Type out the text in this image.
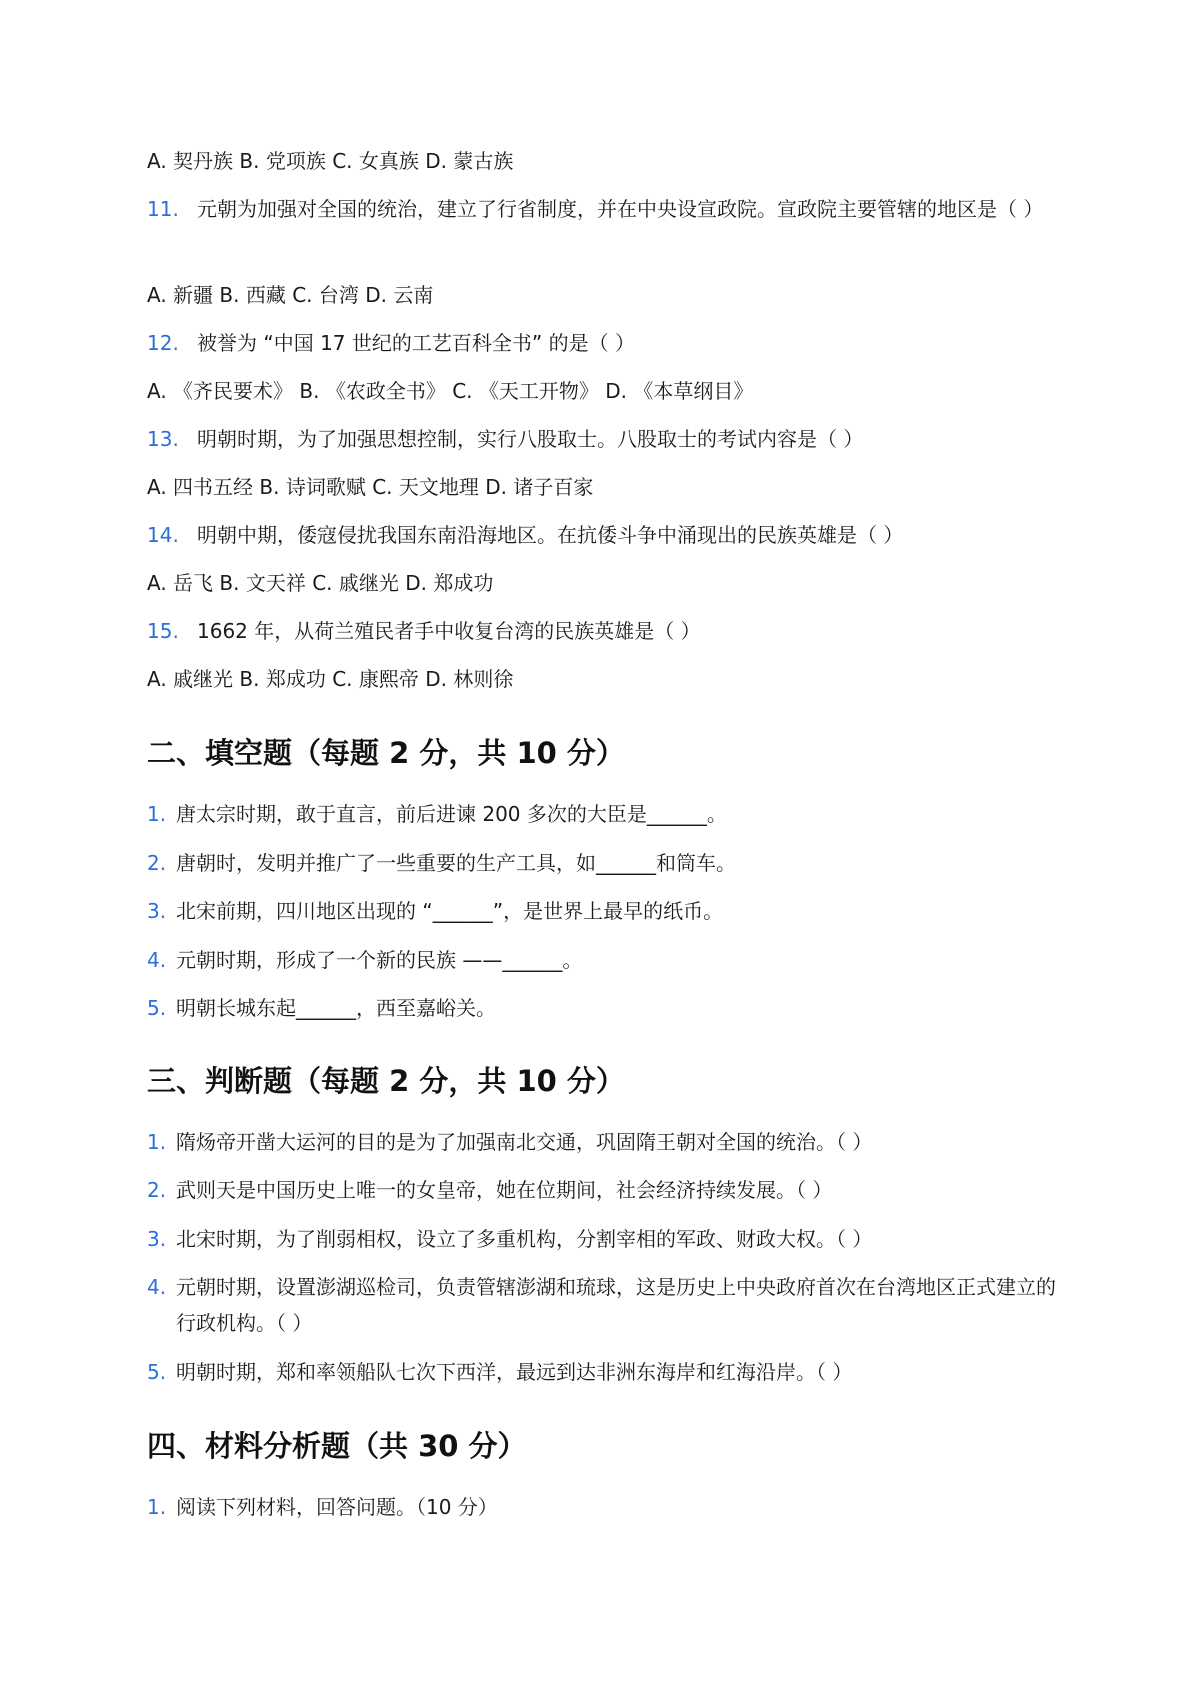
A. 契丹族 B. 党项族 C. 女真族 D. 蒙古族
11. 元朝为加强对全国的统治，建立了行省制度，并在中央设宣政院。宣政院主要管辖的地区是（ ）
A. 新疆 B. 西藏 C. 台湾 D. 云南
12. 被誉为 “中国 17 世纪的工艺百科全书” 的是（ ）
A. 《齐民要术》 B. 《农政全书》 C. 《天工开物》 D. 《本草纲目》
13. 明朝时期，为了加强思想控制，实行八股取士。八股取士的考试内容是（ ）
A. 四书五经 B. 诗词歌赋 C. 天文地理 D. 诸子百家
14. 明朝中期，倭寇侵扰我国东南沿海地区。在抗倭斗争中涌现出的民族英雄是（ ）
A. 岳飞 B. 文天祥 C. 戚继光 D. 郑成功
15. 1662 年，从荷兰殖民者手中收复台湾的民族英雄是（ ）
A. 戚继光 B. 郑成功 C. 康熙帝 D. 林则徐
二、填空题（每题 2 分，共 10 分）
1. 唐太宗时期，敢于直言，前后进谏 200 多次的大臣是______。
2. 唐朝时，发明并推广了一些重要的生产工具，如______和筒车。
3. 北宋前期，四川地区出现的 “______”，是世界上最早的纸币。
4. 元朝时期，形成了一个新的民族 ——______。
5. 明朝长城东起______，西至嘉峪关。
三、判断题（每题 2 分，共 10 分）
1. 隋炀帝开凿大运河的目的是为了加强南北交通，巩固隋王朝对全国的统治。（ ）
2. 武则天是中国历史上唯一的女皇帝，她在位期间，社会经济持续发展。（ ）
3. 北宋时期，为了削弱相权，设立了多重机构，分割宰相的军政、财政大权。（ ）
4. 元朝时期，设置澎湖巡检司，负责管辖澎湖和琉球，这是历史上中央政府首次在台湾地区正式建立的行政机构。（ ）
5. 明朝时期，郑和率领船队七次下西洋，最远到达非洲东海岸和红海沿岸。（ ）
四、材料分析题（共 30 分）
1. 阅读下列材料，回答问题。（10 分）
